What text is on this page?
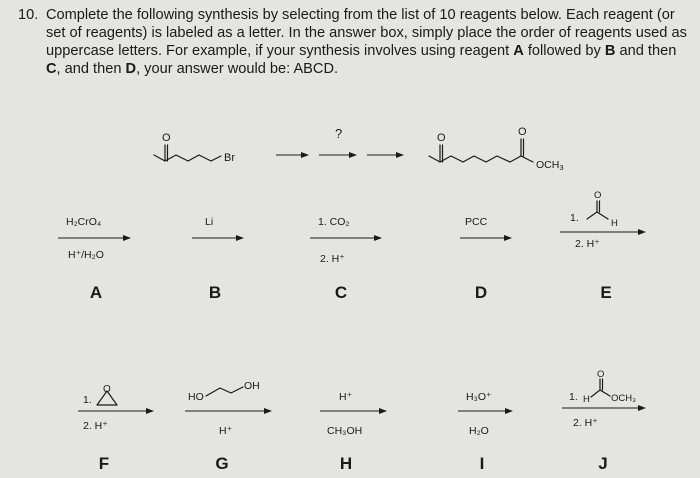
10. Complete the following synthesis by selecting from the list of 10 reagents below. Each reagent (or set of reagents) is labeled as a letter. In the answer box, simply place the order of reagents used as uppercase letters. For example, if your synthesis involves using reagent A followed by B and then C, and then D, your answer would be: ABCD.
O
Br
?	O	O
OCH3
H₂CrO₄
H⁺/H₂O
A
Li
B
1. CO₂
2. H⁺
C
PCC
D
1.
O
H
2. H⁺
E
1.
O
2. H⁺
F
HO
OH
H⁺
G
H⁺
CH₃OH
H
H₃O⁺
H₂O
I
1. H
O
OCH₃
2. H⁺
J
